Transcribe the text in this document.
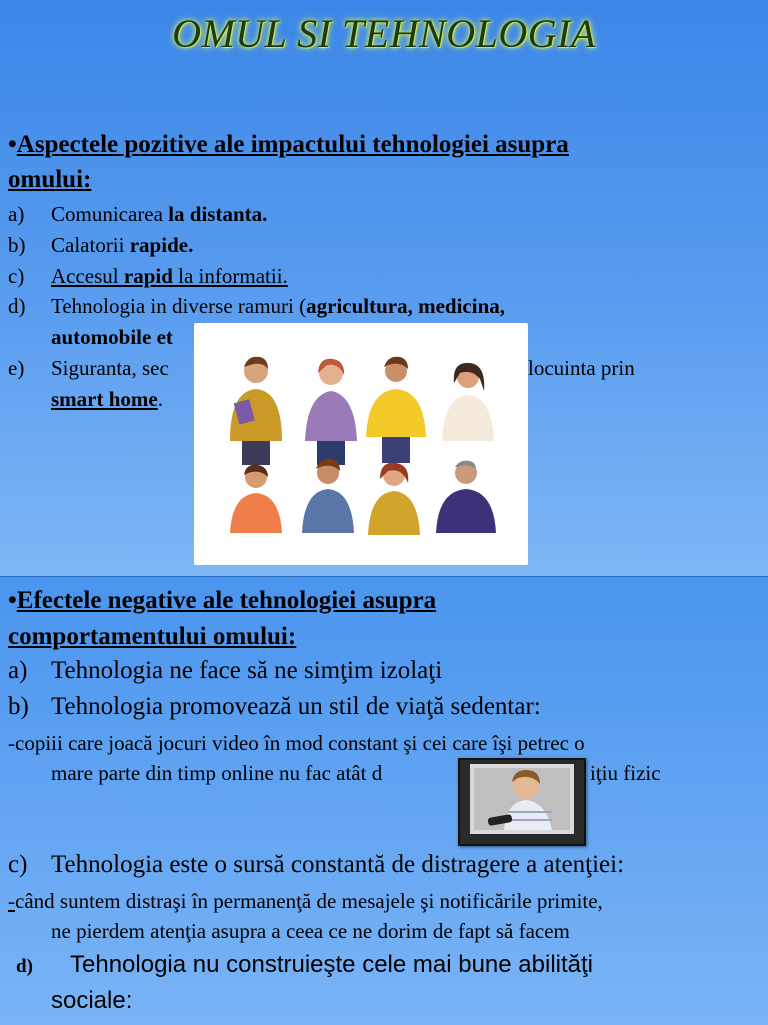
OMUL SI TEHNOLOGIA
•Aspectele pozitive ale impactului tehnologiei asupra
omului:
a) Comunicarea la distanta.
b) Calatorii rapide.
c) Accesul rapid la informatii.
d) Tehnologia in diverse ramuri (agricultura, medicina,
automobile et
e) Siguranta, sec	locuinta prin
smart home.
•Efectele negative ale tehnologiei asupra
comportamentului omului:
a) Tehnologia ne face să ne simţim izolaţi
b) Tehnologia promovează un stil de viaţă sedentar:
-copiii care joacă jocuri video în mod constant şi cei care îşi petrec o
mare parte din timp online nu fac atât d	iţiu fizic
c) Tehnologia este o sursă constantă de distragere a atenţiei:
-când suntem distraşi în permanenţă de mesajele şi notificările primite,
ne pierdem atenţia asupra a ceea ce ne dorim de fapt să facem
d) Tehnologia nu construieşte cele mai bune abilităţi
sociale:
